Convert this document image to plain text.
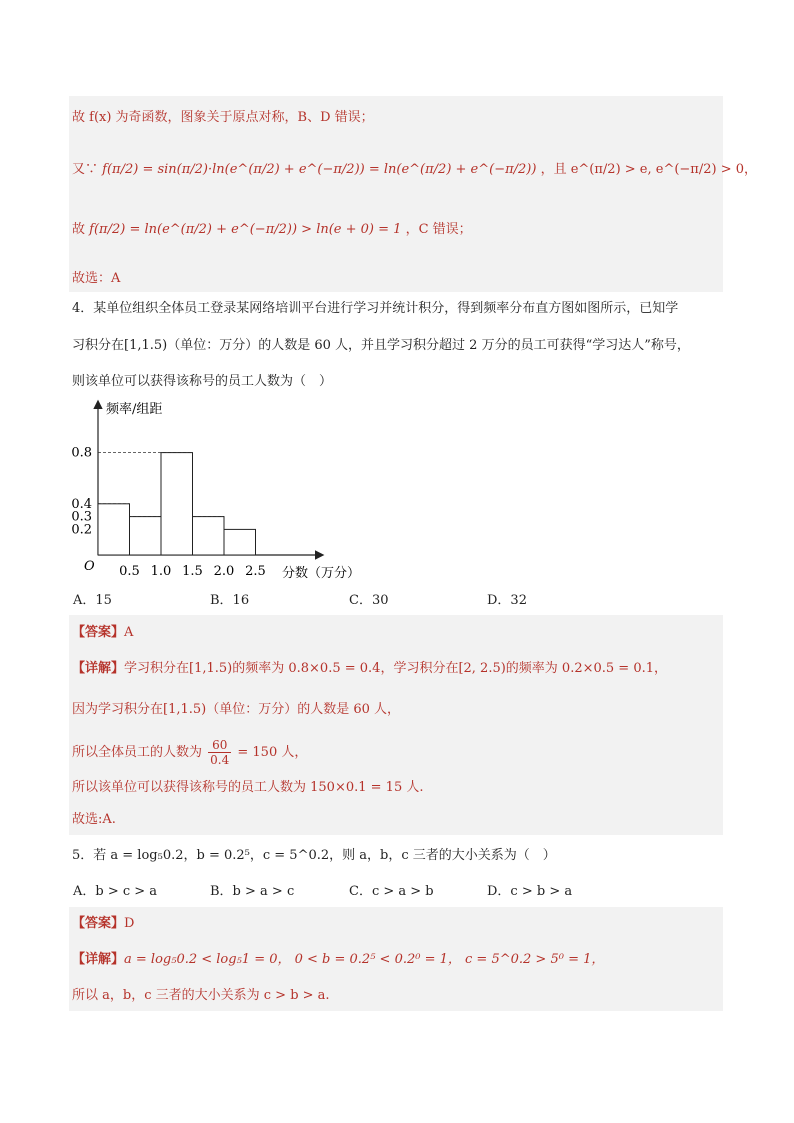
故 f(x) 为奇函数，图象关于原点对称，B、D 错误；
又∵ f(π/2) = sin(π/2)·ln(e^(π/2) + e^(−π/2)) = ln(e^(π/2) + e^(−π/2)) ，且 e^(π/2) > e, e^(−π/2) > 0，
故 f(π/2) = ln(e^(π/2) + e^(−π/2)) > ln(e + 0) = 1 ，C 错误；
故选：A
4．某单位组织全体员工登录某网络培训平台进行学习并统计积分，得到频率分布直方图如图所示，已知学
习积分在[1,1.5)（单位：万分）的人数是 60 人，并且学习积分超过 2 万分的员工可获得“学习达人”称号，
则该单位可以获得该称号的员工人数为（　）
频率/组距
分数（万分）
O 0.5 1.0 1.5 2.0 2.5
0.2
0.3
0.4
0.8
A．15	B．16	C．30	D．32
【答案】A
【详解】学习积分在[1,1.5)的频率为 0.8×0.5 = 0.4，学习积分在[2, 2.5)的频率为 0.2×0.5 = 0.1，
因为学习积分在[1,1.5)（单位：万分）的人数是 60 人，
所以全体员工的人数为 $\frac{60}{0.4} = 150$ 人，
所以该单位可以获得该称号的员工人数为 150×0.1 = 15 人.
故选:A.
5．若 a = log₅0.2，b = 0.2⁵，c = 5^0.2，则 a，b，c 三者的大小关系为（　）
A．b > c > a	B．b > a > c	C．c > a > b	D．c > b > a
【答案】D
【详解】a = log₅0.2 < log₅1 = 0， 0 < b = 0.2⁵ < 0.2⁰ = 1， c = 5^0.2 > 5⁰ = 1，
所以 a，b，c 三者的大小关系为 c > b > a.
